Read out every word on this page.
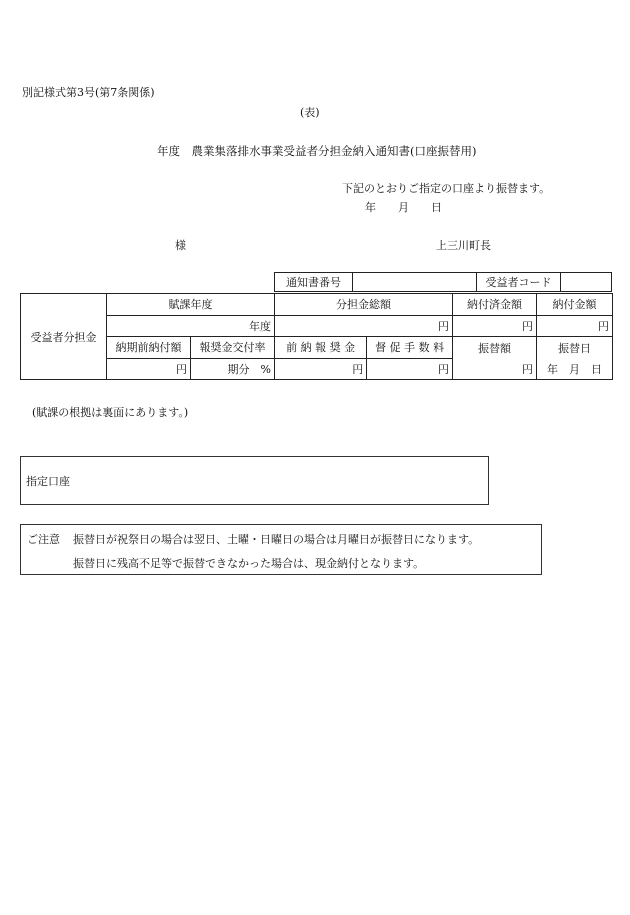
別記様式第3号(第7条関係)
(表)
年度　農業集落排水事業受益者分担金納入通知書(口座振替用)
下記のとおりご指定の口座より振替ます。
年　　月　　日
様	上三川町長
通知書番号		受益者コード	
受益者分担金	賦課年度		分担金総額		納付済金額	納付金額
	年度		円		円	円
	納期前納付額	報奨金交付率	前 納 報 奨 金	督 促 手 数 料	振替額	振替日
	円	期分　%	円	円	円	年　月　日
(賦課の根拠は裏面にあります。)
指定口座
ご注意 振替日が祝祭日の場合は翌日、土曜・日曜日の場合は月曜日が振替日になります。
振替日に残高不足等で振替できなかった場合は、現金納付となります。
